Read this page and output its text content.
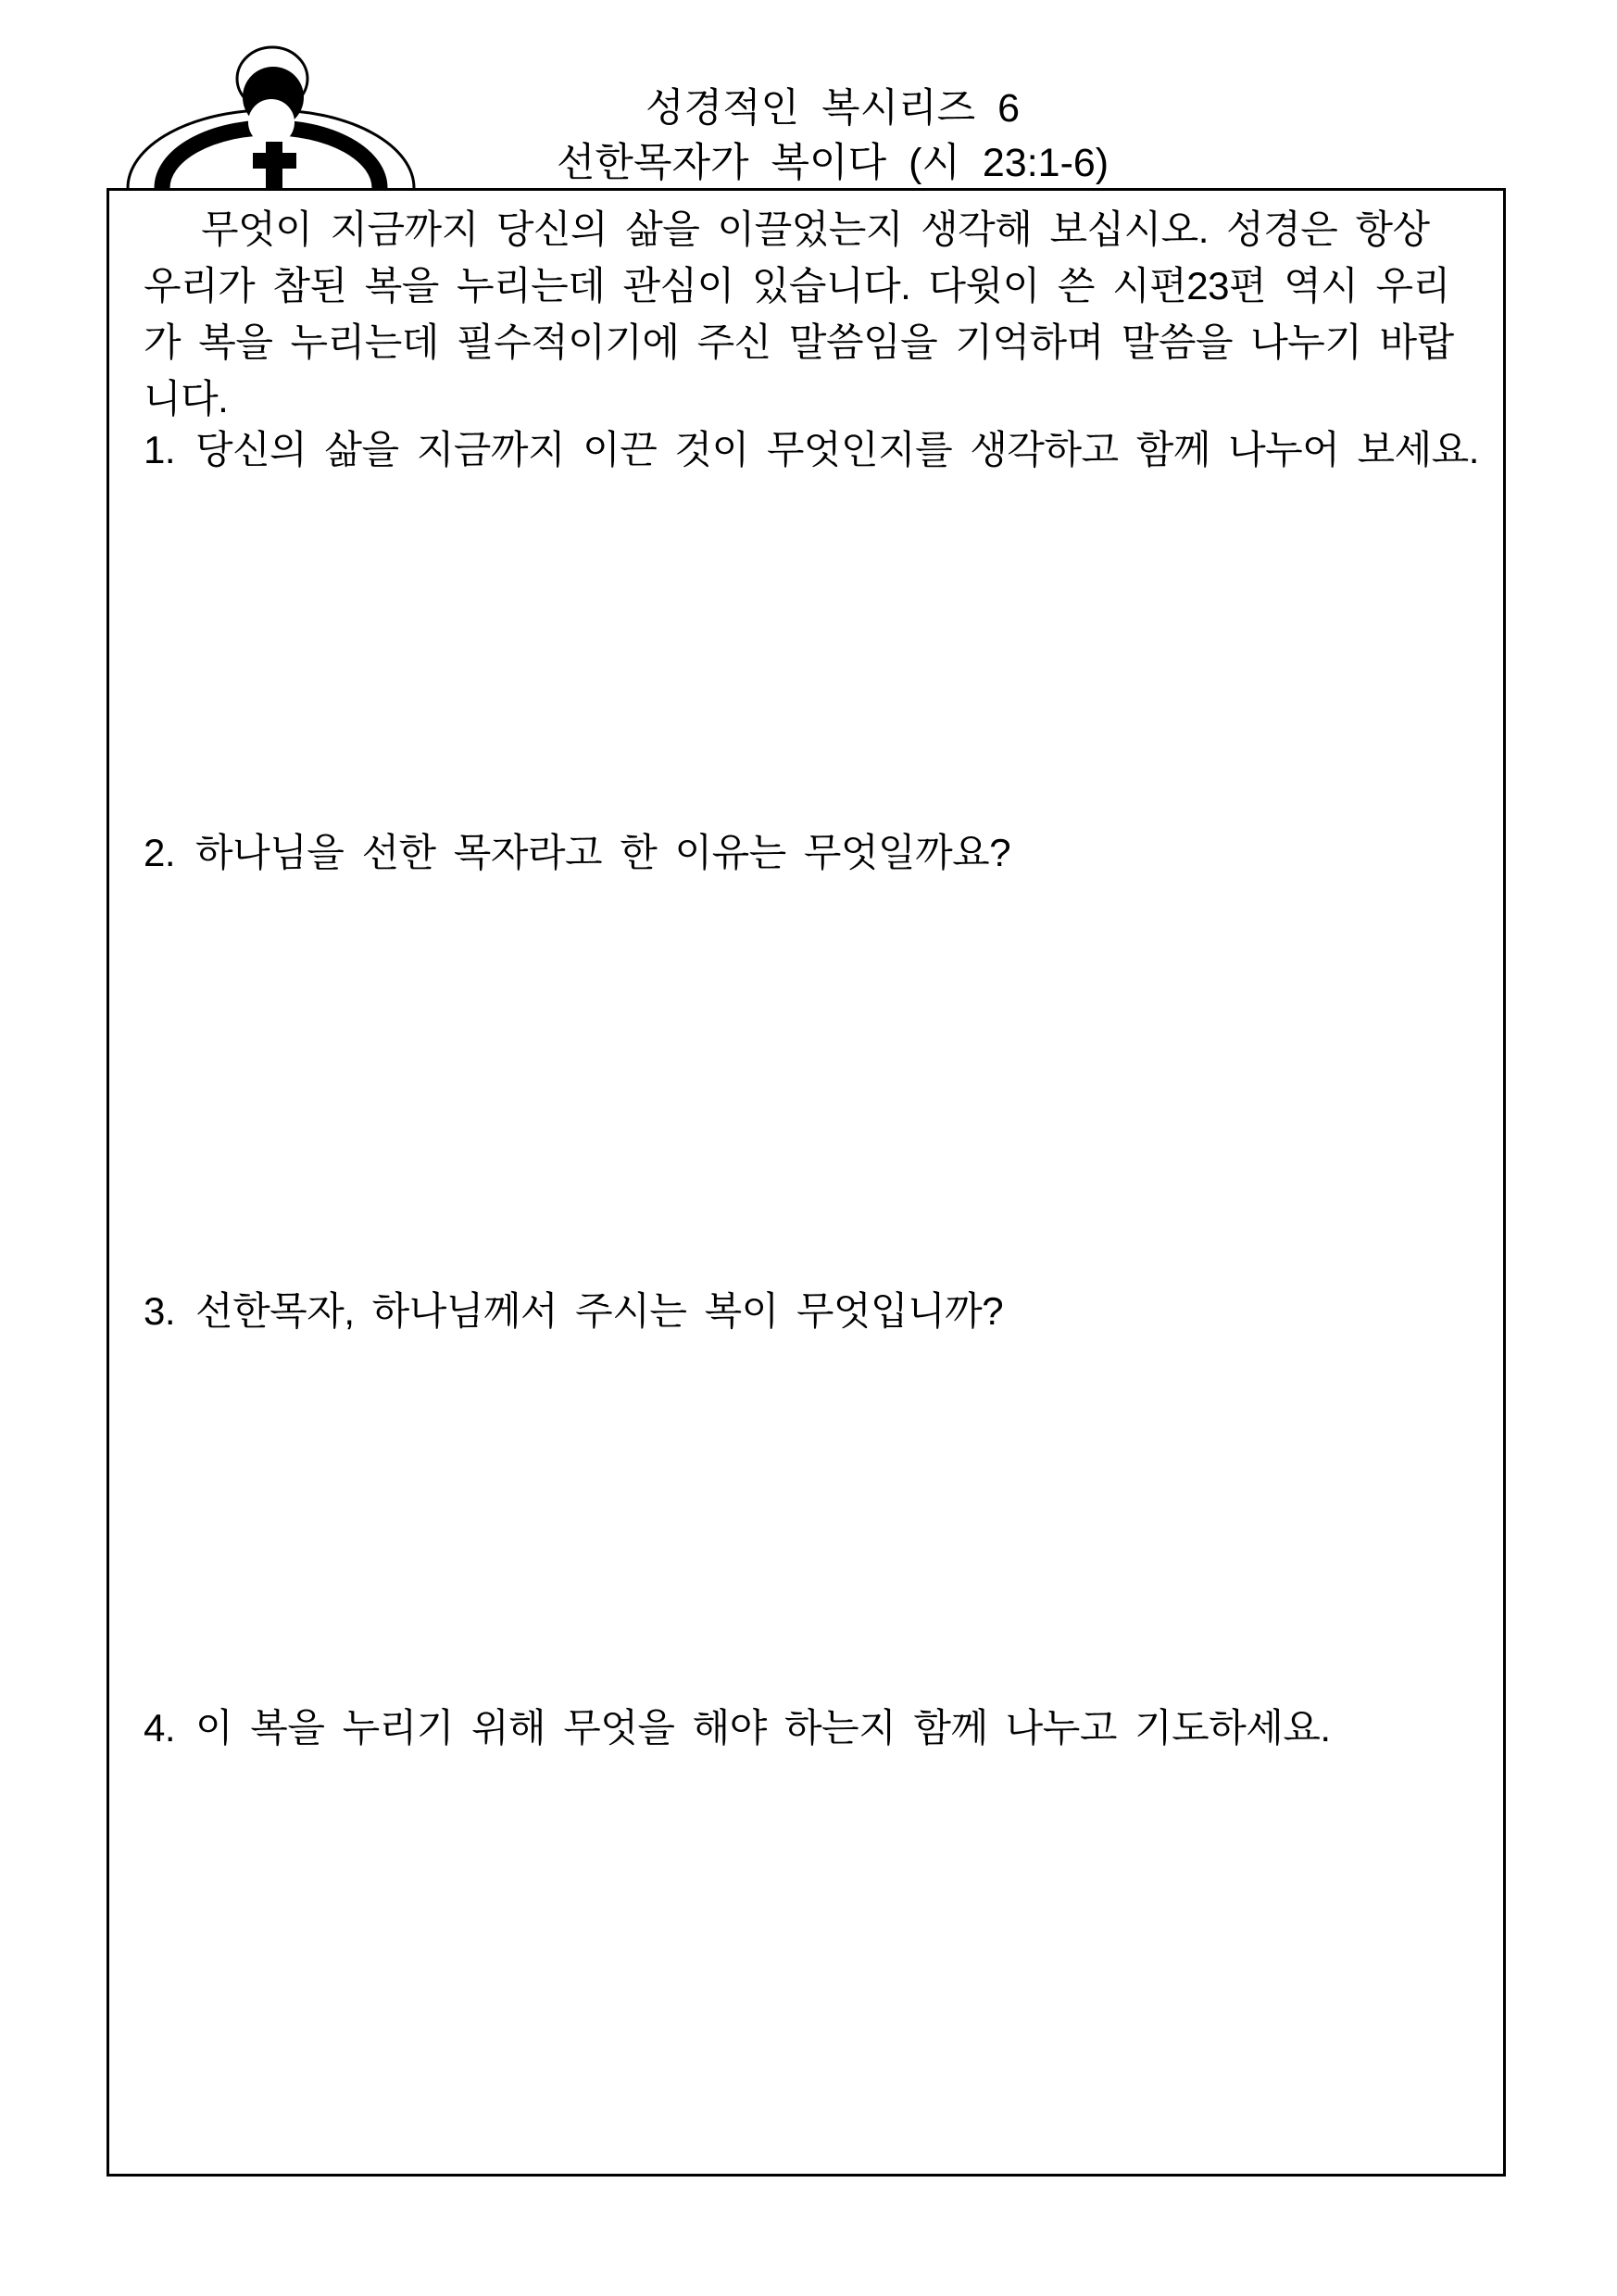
성경적인 복시리즈 6
선한목자가 복이다 (시 23:1-6)

무엇이 지금까지 당신의 삶을 이끌었는지 생각해 보십시오. 성경은 항상 우리가 참된 복을 누리는데 관심이 있습니다. 다윗이 쓴 시편23편 역시 우리가 복을 누리는데 필수적이기에 주신 말씀임을 기억하며 말씀을 나누기 바랍니다.

1. 당신의 삶을 지금까지 이끈 것이 무엇인지를 생각하고 함께 나누어 보세요.
2. 하나님을 선한 목자라고 한 이유는 무엇일까요?
3. 선한목자, 하나님께서 주시는 복이 무엇입니까?
4. 이 복을 누리기 위해 무엇을 해야 하는지 함께 나누고 기도하세요.
